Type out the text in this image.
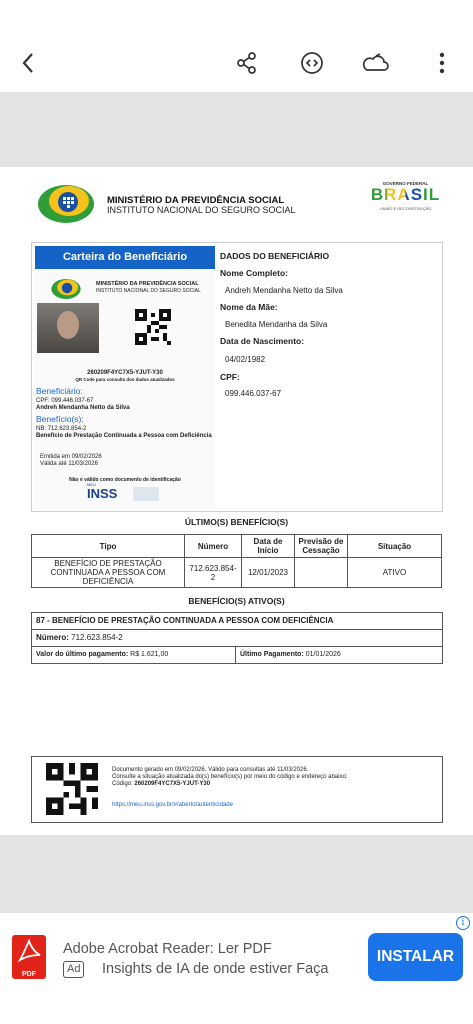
MINISTÉRIO DA PREVIDÊNCIA SOCIAL
INSTITUTO NACIONAL DO SEGURO SOCIAL
GOVERNO FEDERAL
BRASIL
UNIÃO E RECONSTRUÇÃO
Carteira do Beneficiário
MINISTÉRIO DA PREVIDÊNCIA SOCIAL
INSTITUTO NACIONAL DO SEGURO SOCIAL
260209F4YC7X5-YJUT-Y30
QR Code para consulta dos dados atualizados
Beneficiário:
CPF: 099.446.037-67
Andreh Mendanha Netto da Silva
Benefício(s):
NB: 712.623.854-2
Benefício de Prestação Continuada a Pessoa com Deficiência
Emitida em 09/02/2026
Válida até 11/03/2026
Não é válido como documento de identificação
MEU
INSS
DADOS DO BENEFICIÁRIO
Nome Completo:
Andreh Mendanha Netto da Silva
Nome da Mãe:
Benedita Mendanha da Silva
Data de Nascimento:
04/02/1982
CPF:
099.446.037-67
ÚLTIMO(S) BENEFÍCIO(S)
Tipo	Número	Data de Início	Previsão de Cessação	Situação
BENEFÍCIO DE PRESTAÇÃO CONTINUADA A PESSOA COM DEFICIÊNCIA	712.623.854-2	12/01/2023		ATIVO
BENEFÍCIO(S) ATIVO(S)
87 - BENEFÍCIO DE PRESTAÇÃO CONTINUADA A PESSOA COM DEFICIÊNCIA
Número: 712.623.854-2
Valor do último pagamento: R$ 1.621,00	Último Pagamento: 01/01/2026
Documento gerado em 09/02/2026. Válido para consultas até 11/03/2026.
Consulte a situação atualizada do(s) benefício(s) por meio do código e endereço abaixo:
Código: 260209F4YC7X5-YJUT-Y30
https://meu.inss.gov.br/#/aberto/autenticidade
i
PDF
Adobe Acrobat Reader: Ler PDF
Ad Insights de IA de onde estiver Faça
INSTALAR
